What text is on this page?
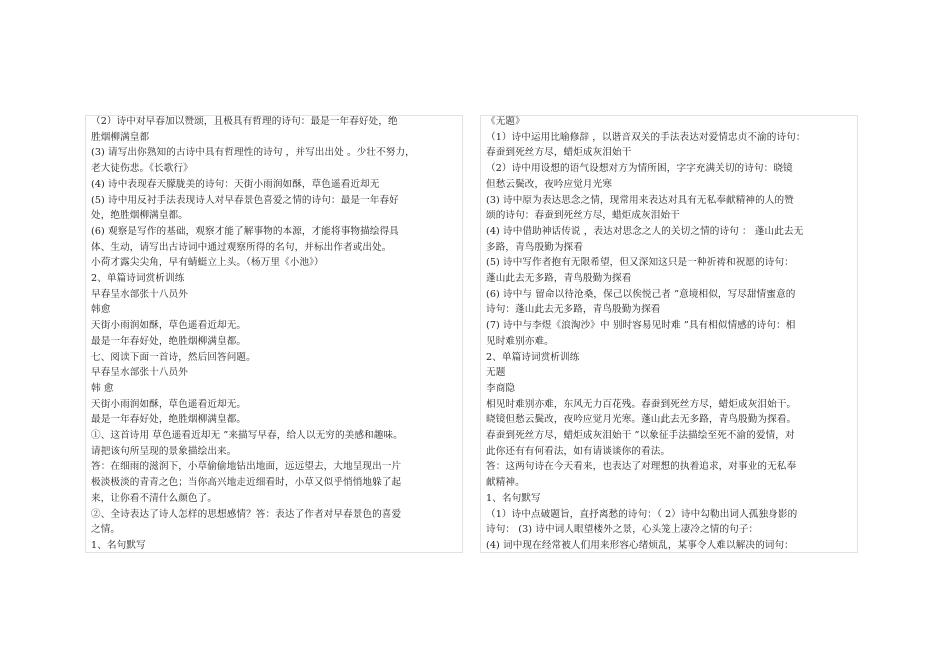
（2）诗中对早春加以赞颂，且极具有哲理的诗句：最是一年春好处，绝
胜烟柳满皇都
(3) 请写出你熟知的古诗中具有哲理性的诗句 ，并写出出处 。少壮不努力，
老大徒伤悲。《长歌行》
(4) 诗中表现春天朦胧美的诗句：天街小雨润如酥，草色遥看近却无
(5) 诗中用反衬手法表现诗人对早春景色喜爱之情的诗句：最是一年春好
处，绝胜烟柳满皇都。
(6) 观察是写作的基础，观察才能了解事物的本源，才能将事物描绘得具
体、生动，请写出古诗词中通过观察所得的名句，并标出作者或出处。
小荷才露尖尖角，早有蜻蜓立上头。（杨万里《小池》）
2、单篇诗词赏析训练
早春呈水部张十八员外
韩愈
天街小雨润如酥，草色遥看近却无。
最是一年春好处，绝胜烟柳满皇都。
七、阅读下面一首诗，然后回答问题。
早春呈水部张十八员外
韩 愈
天街小雨润如酥，草色遥看近却无。
最是一年春好处，绝胜烟柳满皇都。
①、这首诗用 草色遥看近却无 ”来描写早春，给人以无穷的美感和趣味。
请把该句所呈现的景象描绘出来。
答：在细雨的滋润下，小草偷偷地钻出地面，远远望去，大地呈现出一片
极淡极淡的青青之色；当你高兴地走近细看时，小草又似乎悄悄地躲了起
来，让你看不清什么颜色了。
②、全诗表达了诗人怎样的思想感情？答：表达了作者对早春景色的喜爱
之情。
1、名句默写
《无题》
（1）诗中运用比喻修辞 ，以谐音双关的手法表达对爱情忠贞不渝的诗句：
春蚕到死丝方尽，蜡炬成灰泪始干
（2）诗中用设想的语气设想对方为情所困，字字充满关切的诗句：晓镜
但愁云鬓改，夜吟应觉月光寒
(3) 诗中原为表达思念之情，现常用来表达对具有无私奉献精神的人的赞
颂的诗句：春蚕到死丝方尽，蜡炬成灰泪始干
(4) 诗中借助神话传说 ，表达对思念之人的关切之情的诗句 ： 蓬山此去无
多路，青鸟殷勤为探看
(5) 诗中写作者抱有无限希望，但又深知这只是一种祈祷和祝愿的诗句：
蓬山此去无多路，青鸟殷勤为探看
(6) 诗中与 留命以待沧桑，保己以俟悦己者 ”意境相似，写尽甜情蜜意的
诗句：蓬山此去无多路，青鸟殷勤为探看
(7) 诗中与李煜《浪淘沙》中 别时容易见时难 ”具有相似情感的诗句：相
见时难别亦难。
2、单篇诗词赏析训练
无题
李商隐
相见时难别亦难，东风无力百花残。春蚕到死丝方尽，蜡炬成灰泪始干。
晓镜但愁云鬓改，夜吟应觉月光寒。蓬山此去无多路，青鸟殷勤为探看。
春蚕到死丝方尽，蜡炬成灰泪始干 ”以象征手法描绘至死不渝的爱情，对
此你还有有何看法，如有请谈谈你的看法。
答：这两句诗在今天看来，也表达了对理想的执着追求，对事业的无私奉
献精神。
1、名句默写
（1）诗中点破题旨，直抒离愁的诗句：（ 2）诗中勾勒出词人孤独身影的
诗句： (3) 诗中词人眼望楼外之景，心头笼上凄冷之情的句子：
(4) 词中现在经常被人们用来形容心绪烦乱，某事令人难以解决的词句：
